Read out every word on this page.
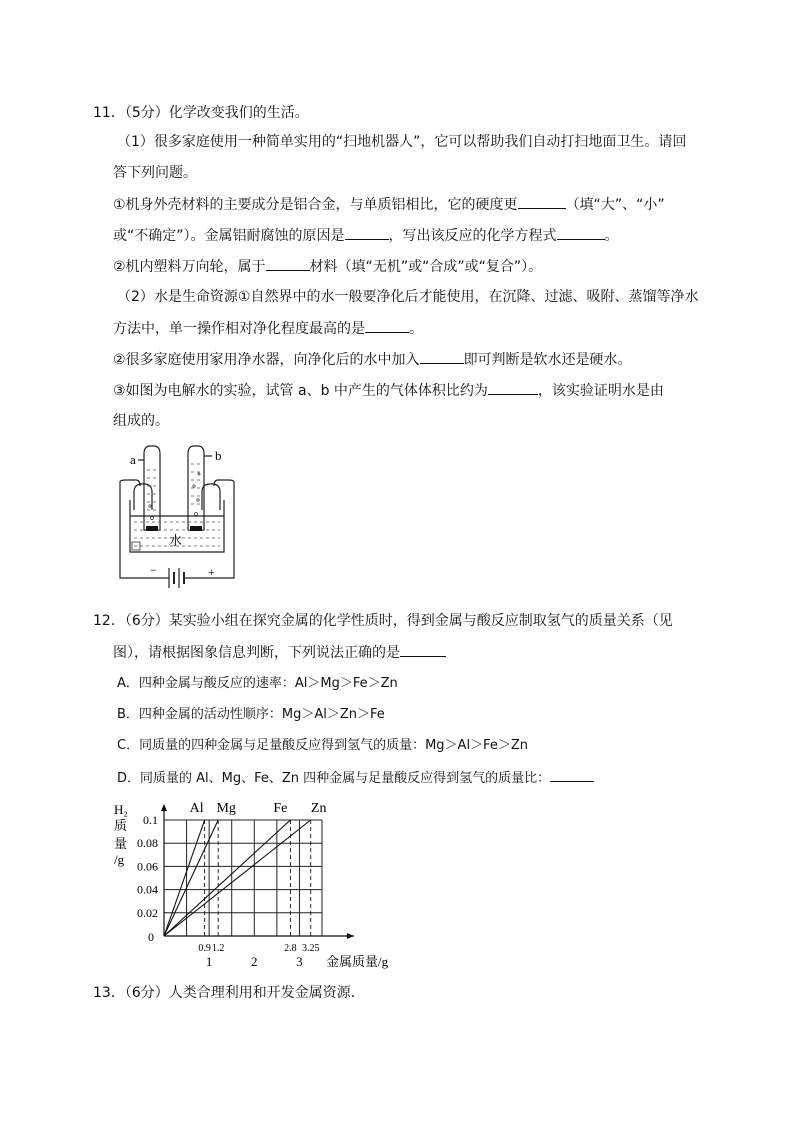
11．（5分）化学改变我们的生活。
（1）很多家庭使用一种简单实用的“扫地机器人”，它可以帮助我们自动打扫地面卫生。请回
答下列问题。
①机身外壳材料的主要成分是铝合金，与单质铝相比，它的硬度更	（填“大”、“小”
或“不确定”）。金属铝耐腐蚀的原因是	，写出该反应的化学方程式	。
②机内塑料万向轮，属于	材料（填“无机”或“合成”或“复合”）。
（2）水是生命资源①自然界中的水一般要净化后才能使用，在沉降、过滤、吸附、蒸馏等净水
方法中，单一操作相对净化程度最高的是	。
②很多家庭使用家用净水器，向净化后的水中加入	即可判断是软水还是硬水。
③如图为电解水的实验，试管 a、b 中产生的气体体积比约为	，该实验证明水是由
组成的。
a	b
水
−	+
12．（6分）某实验小组在探究金属的化学性质时，得到金属与酸反应制取氢气的质量关系（见
图），请根据图象信息判断，下列说法正确的是
A．四种金属与酸反应的速率：Al＞Mg＞Fe＞Zn
B．四种金属的活动性顺序：Mg＞Al＞Zn＞Fe
C．同质量的四种金属与足量酸反应得到氢气的质量：Mg＞Al＞Fe＞Zn
D．同质量的 Al、Mg、Fe、Zn 四种金属与足量酸反应得到氢气的质量比：
H₂
质
量
/g
0.1
0.08
0.06
0.04
0.02
0
0.9 1.2	2.8 3.25
1	2	3
Al Mg	Fe Zn
金属质量/g
13．（6分）人类合理利用和开发金属资源．
